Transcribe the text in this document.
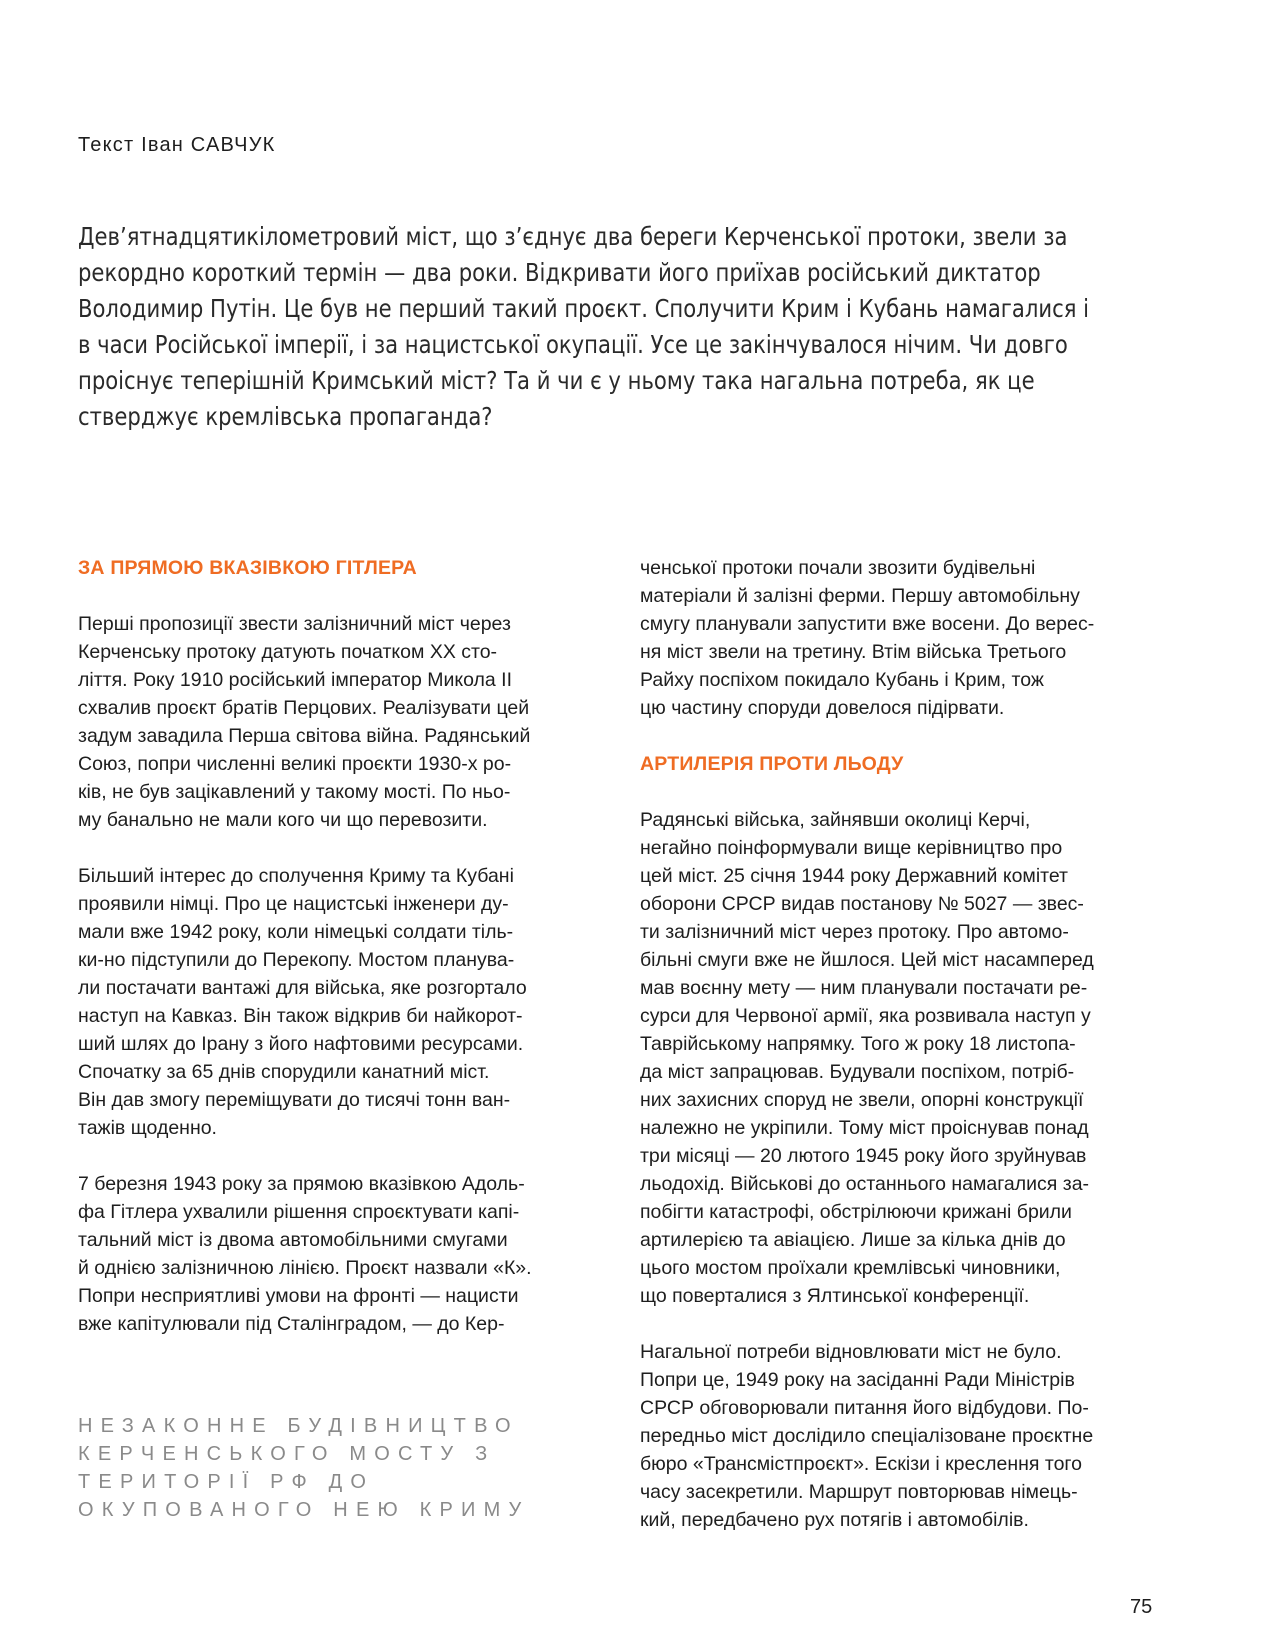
Текст Іван САВЧУК
Дев’ятнадцятикілометровий міст, що з’єднує два береги Керченської протоки, звели за
рекордно короткий термін — два роки. Відкривати його приїхав російський диктатор
Володимир Путін. Це був не перший такий проєкт. Сполучити Крим і Кубань намагалися і
в часи Російської імперії, і за нацистської окупації. Усе це закінчувалося нічим. Чи довго
проіснує теперішній Кримський міст? Та й чи є у ньому така нагальна потреба, як це
стверджує кремлівська пропаганда?
ЗА ПРЯМОЮ ВКАЗІВКОЮ ГІТЛЕРА
Перші пропозиції звести залізничний міст через
Керченську протоку датують початком XX сто-
ліття. Року 1910 російський імператор Микола ІІ
схвалив проєкт братів Перцових. Реалізувати цей
задум завадила Перша світова війна. Радянський
Союз, попри численні великі проєкти 1930-х ро-
ків, не був зацікавлений у такому мості. По ньо-
му банально не мали кого чи що перевозити.
Більший інтерес до сполучення Криму та Кубані
проявили німці. Про це нацистські інженери ду-
мали вже 1942 року, коли німецькі солдати тіль-
ки-но підступили до Перекопу. Мостом планува-
ли постачати вантажі для війська, яке розгортало
наступ на Кавказ. Він також відкрив би найкорот-
ший шлях до Ірану з його нафтовими ресурсами.
Спочатку за 65 днів спорудили канатний міст.
Він дав змогу переміщувати до тисячі тонн ван-
тажів щоденно.
7 березня 1943 року за прямою вказівкою Адоль-
фа Гітлера ухвалили рішення спроєктувати капі-
тальний міст із двома автомобільними смугами
й однією залізничною лінією. Проєкт назвали «К».
Попри несприятливі умови на фронті — нацисти
вже капітулювали під Сталінградом, — до Кер-
НЕЗАКОННЕ БУДІВНИЦТВО
КЕРЧЕНСЬКОГО МОСТУ З
ТЕРИТОРІЇ РФ ДО
ОКУПОВАНОГО НЕЮ КРИМУ
ченської протоки почали звозити будівельні
матеріали й залізні ферми. Першу автомобільну
смугу планували запустити вже восени. До верес-
ня міст звели на третину. Втім війська Третього
Райху поспіхом покидало Кубань і Крим, тож
цю частину споруди довелося підірвати.
АРТИЛЕРІЯ ПРОТИ ЛЬОДУ
Радянські війська, зайнявши околиці Керчі,
негайно поінформували вище керівництво про
цей міст. 25 січня 1944 року Державний комітет
оборони СРСР видав постанову № 5027 — звес-
ти залізничний міст через протоку. Про автомо-
більні смуги вже не йшлося. Цей міст насамперед
мав воєнну мету — ним планували постачати ре-
сурси для Червоної армії, яка розвивала наступ у
Таврійському напрямку. Того ж року 18 листопа-
да міст запрацював. Будували поспіхом, потріб-
них захисних споруд не звели, опорні конструкції
належно не укріпили. Тому міст проіснував понад
три місяці — 20 лютого 1945 року його зруйнував
льодохід. Військові до останнього намагалися за-
побігти катастрофі, обстрілюючи крижані брили
артилерією та авіацією. Лише за кілька днів до
цього мостом проїхали кремлівські чиновники,
що поверталися з Ялтинської конференції.
Нагальної потреби відновлювати міст не було.
Попри це, 1949 року на засіданні Ради Міністрів
СРСР обговорювали питання його відбудови. По-
передньо міст дослідило спеціалізоване проєктне
бюро «Трансмістпроєкт». Ескізи і креслення того
часу засекретили. Маршрут повторював німець-
кий, передбачено рух потягів і автомобілів.
75
